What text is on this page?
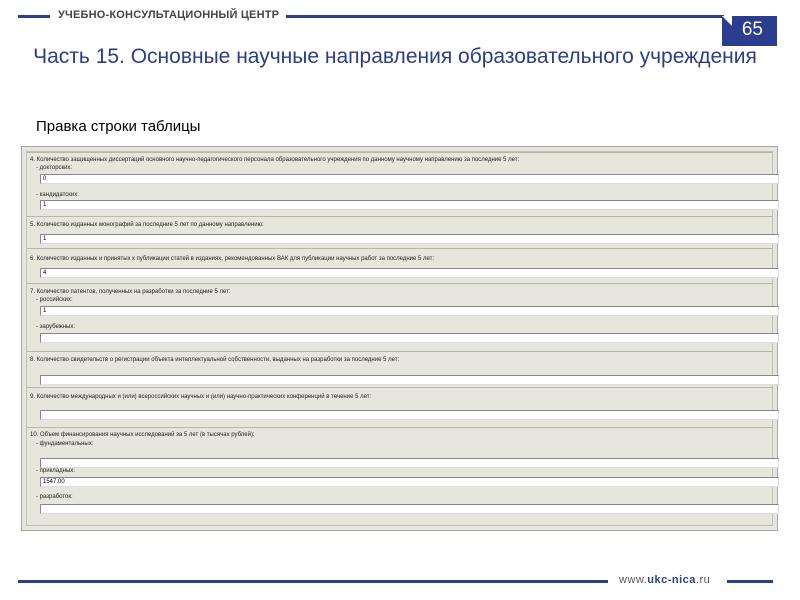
УЧЕБНО-КОНСУЛЬТАЦИОННЫЙ ЦЕНТР
65
Часть 15. Основные научные направления образовательного учреждения
Правка строки таблицы
4. Количество защищенных диссертаций основного научно-педагогического персонала образовательного учреждения по данному научному направлению за последние 5 лет:
- докторских:
0
- кандидатских:
1
5. Количество изданных монографий за последние 5 лет по данному направлению:
1
6. Количество изданных и принятых к публикации статей в изданиях, рекомендованных ВАК для публикации научных работ за последние 5 лет:
4
7. Количество патентов, полученных на разработки за последние 5 лет:
- российских:
1
- зарубежных:
8. Количество свидетельств о регистрации объекта интеллектуальной собственности, выданных на разработки за последние 5 лет:
9. Количество международных и (или) всероссийских научных и (или) научно-практических конференций в течение 5 лет:
10. Объем финансирования научных исследований за 5 лет (в тысячах рублей):
- фундаментальных:
- прикладных:
1547.00
- разработок:
www.ukc-nica.ru
